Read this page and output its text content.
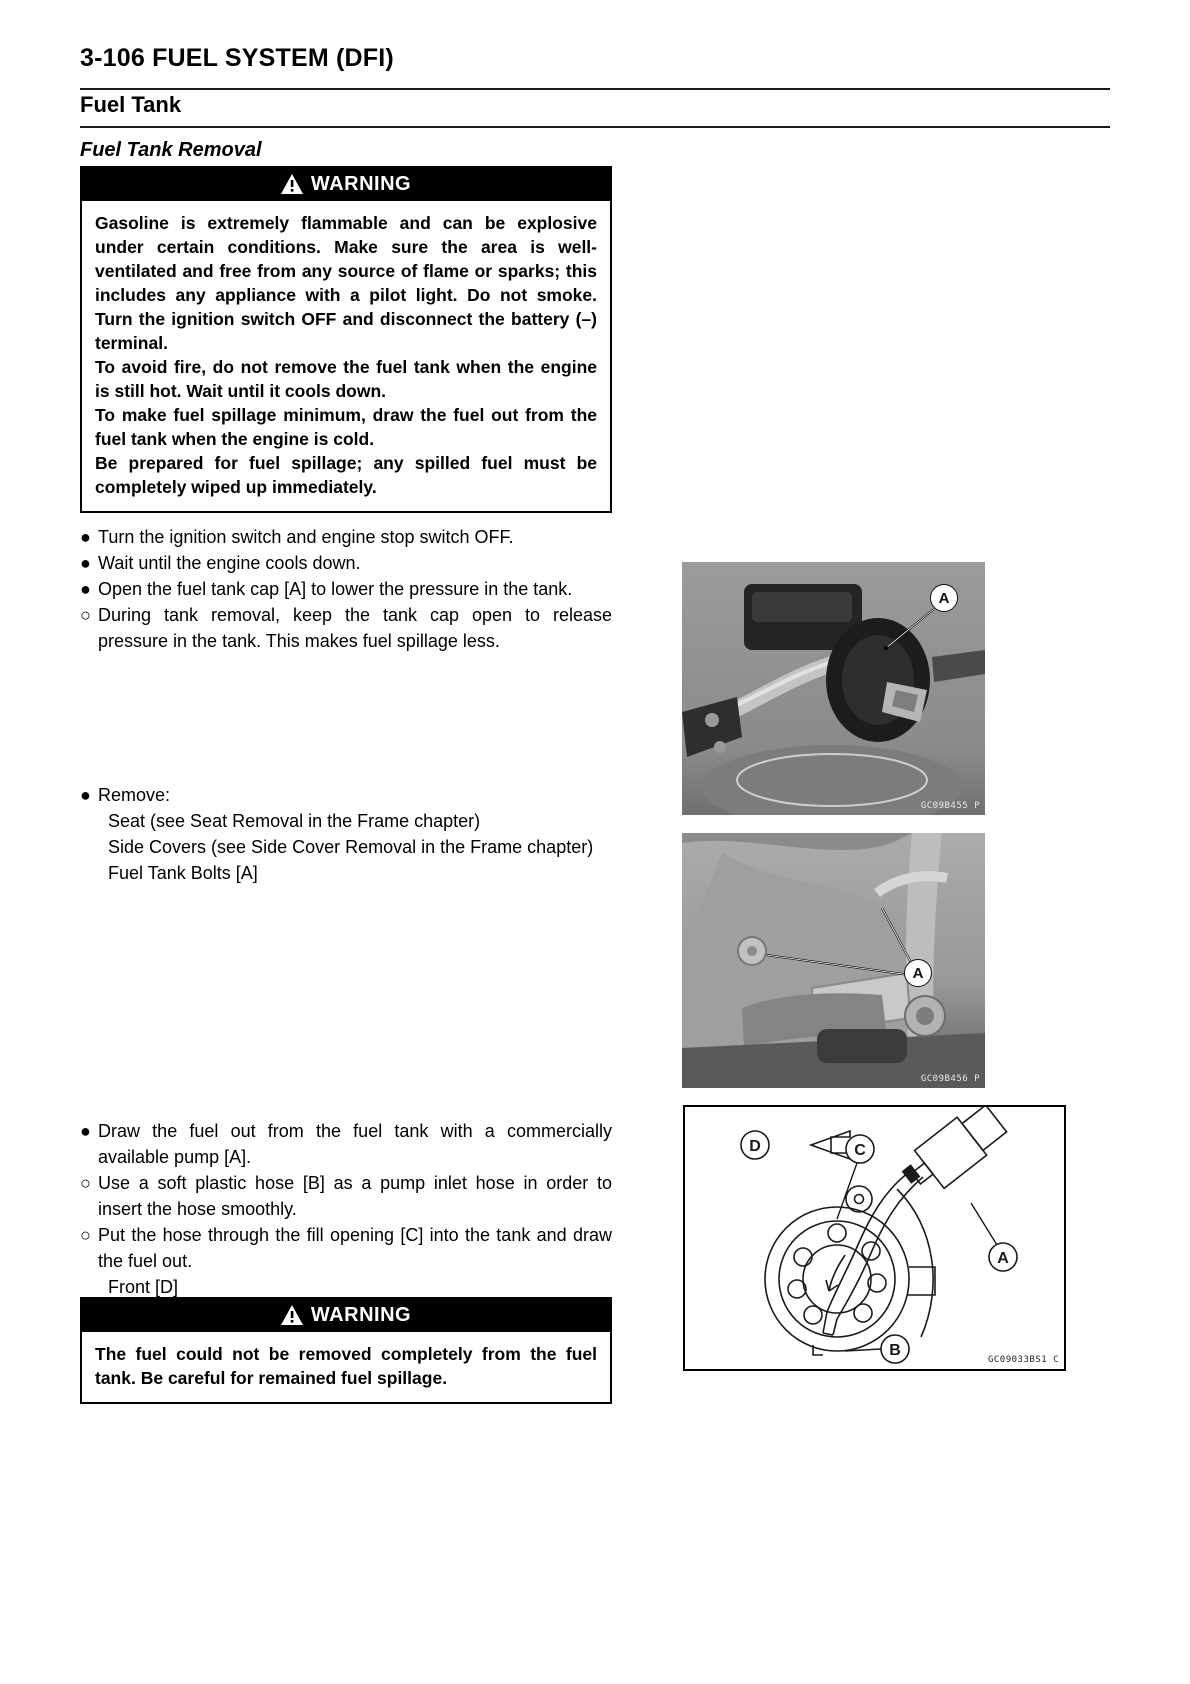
3-106 FUEL SYSTEM (DFI)
Fuel Tank
Fuel Tank Removal
WARNING

Gasoline is extremely flammable and can be explosive under certain conditions. Make sure the area is well-ventilated and free from any source of flame or sparks; this includes any appliance with a pilot light. Do not smoke. Turn the ignition switch OFF and disconnect the battery (–) terminal.

To avoid fire, do not remove the fuel tank when the engine is still hot. Wait until it cools down.

To make fuel spillage minimum, draw the fuel out from the fuel tank when the engine is cold.

Be prepared for fuel spillage; any spilled fuel must be completely wiped up immediately.

● Turn the ignition switch and engine stop switch OFF.
● Wait until the engine cools down.
● Open the fuel tank cap [A] to lower the pressure in the tank.
○ During tank removal, keep the tank cap open to release pressure in the tank. This makes fuel spillage less.
● Remove:
Seat (see Seat Removal in the Frame chapter)
Side Covers (see Side Cover Removal in the Frame chapter)
Fuel Tank Bolts [A]
● Draw the fuel out from the fuel tank with a commercially available pump [A].
○ Use a soft plastic hose [B] as a pump inlet hose in order to insert the hose smoothly.
○ Put the hose through the fill opening [C] into the tank and draw the fuel out.
Front [D]
WARNING

The fuel could not be removed completely from the fuel tank. Be careful for remained fuel spillage.

A
GC09B455 P
A
GC09B456 P
D	C
A
B
GC09033BS1 C
